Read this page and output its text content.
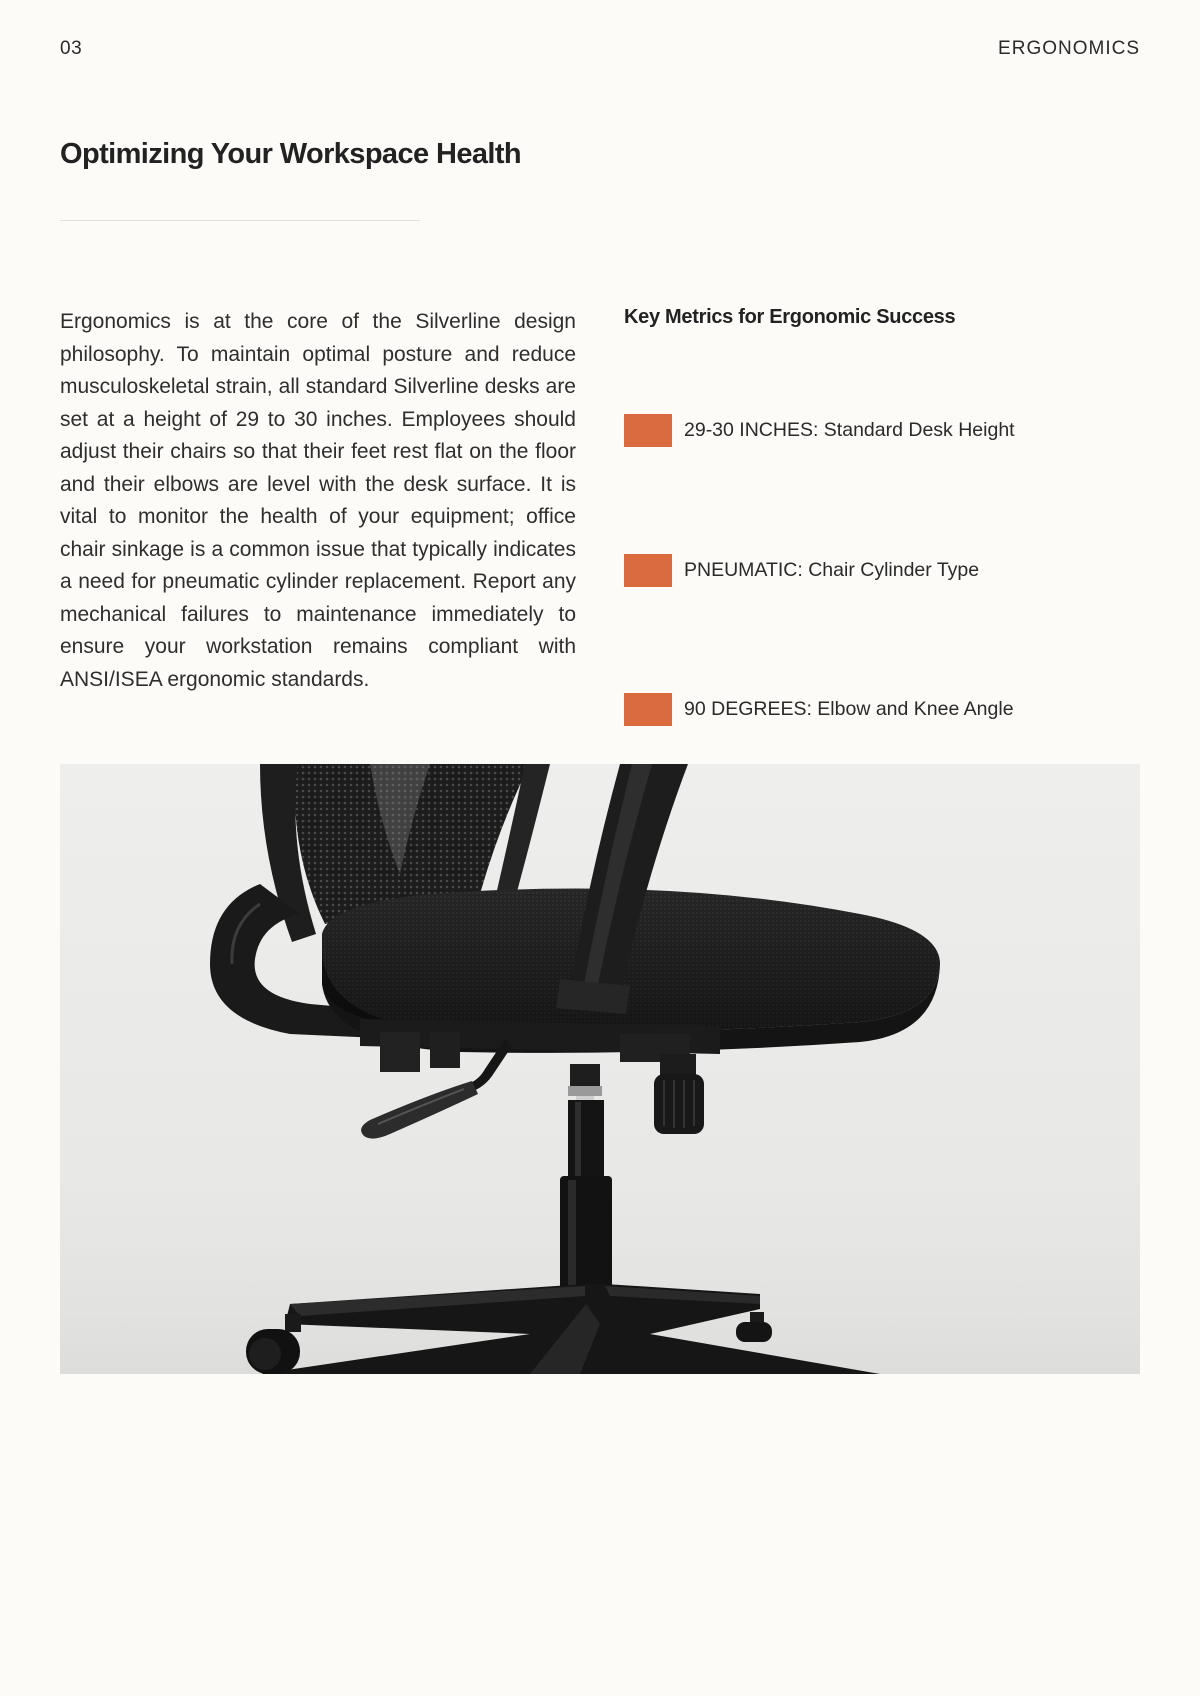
03	ERGONOMICS
Optimizing Your Workspace Health

Ergonomics is at the core of the Silverline design philosophy. To maintain optimal posture and reduce musculoskeletal strain, all standard Silverline desks are set at a height of 29 to 30 inches. Employees should adjust their chairs so that their feet rest flat on the floor and their elbows are level with the desk surface. It is vital to monitor the health of your equipment; office chair sinkage is a common issue that typically indicates a need for pneumatic cylinder replacement. Report any mechanical failures to maintenance immediately to ensure your workstation remains compliant with ANSI/ISEA ergonomic standards.

Key Metrics for Ergonomic Success
29-30 INCHES: Standard Desk Height
PNEUMATIC: Chair Cylinder Type
90 DEGREES: Elbow and Knee Angle
